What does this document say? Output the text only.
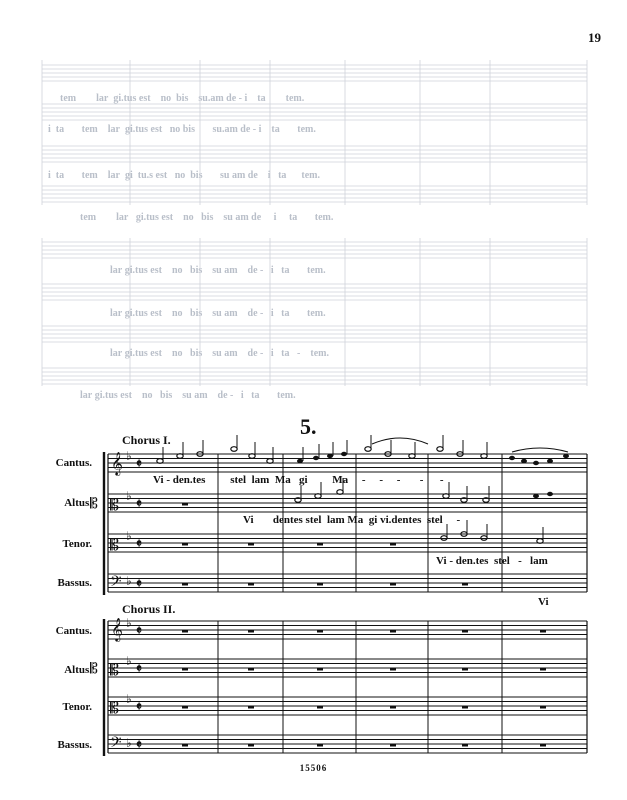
19
tem lar gi.tus est no bis su.am de - i ta tem.
i ta tem lar gi.tus est no bis su.am de - i ta tem.
i ta tem lar gi tu.s est no bis su am de i ta tem.
tem lar gi.tus est no bis su am de i ta tem.
lar gi.tus est no bis su am de - i ta tem.
lar gi.tus est no bis su am de - i ta tem.
lar gi.tus est no bis su am de - i ta - tem.
lar gi.tus est no bis su am de - i ta tem.
5.
Chorus I.
Chorus II.
Cantus.
Altus.
Tenor.
Bassus.
Cantus.
Altus.
Tenor.
Bassus.
𝄞
𝄞
𝄡
𝄡
𝄡
𝄡
𝄢
𝄢
𝄡
𝄡
♭
♭
♭
♭
♭
♭
♭
♭
𝄵
𝄵
𝄵
𝄵
𝄵
𝄵
𝄵
𝄵
Vi - den.tes stel lam Ma gi Ma - - - - -
Vi dentes stel lam Ma gi vi.dentes stel -
Vi - den.tes stel - lam
Vi
15506
